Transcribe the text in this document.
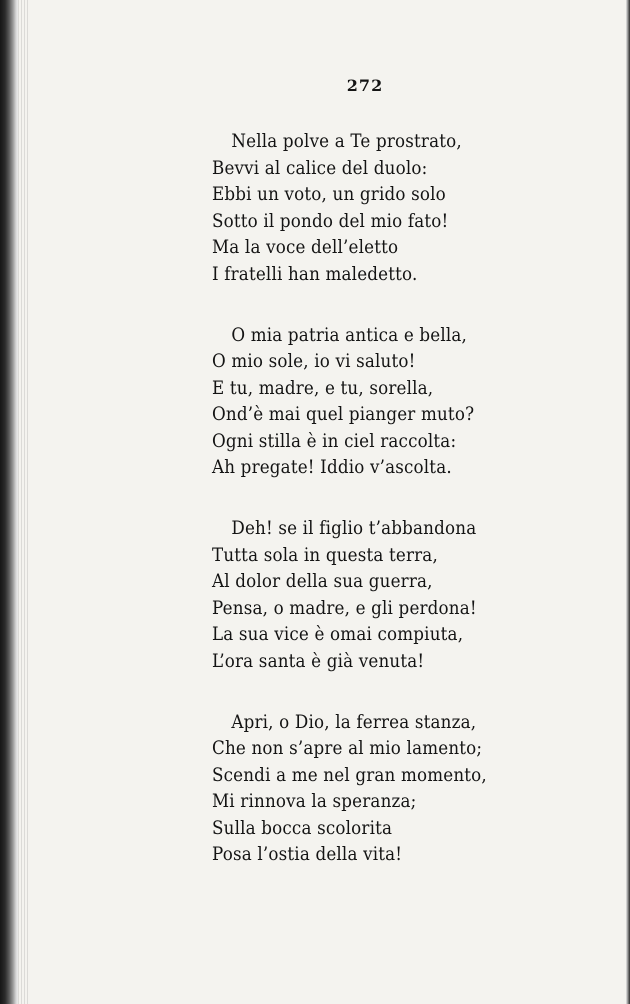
272
Nella polve a Te prostrato,
Bevvi al calice del duolo:
Ebbi un voto, un grido solo
Sotto il pondo del mio fato!
Ma la voce dell’eletto
I fratelli han maledetto.
O mia patria antica e bella,
O mio sole, io vi saluto!
E tu, madre, e tu, sorella,
Ond’è mai quel pianger muto?
Ogni stilla è in ciel raccolta:
Ah pregate! Iddio v’ascolta.
Deh! se il figlio t’abbandona
Tutta sola in questa terra,
Al dolor della sua guerra,
Pensa, o madre, e gli perdona!
La sua vice è omai compiuta,
L’ora santa è già venuta!
Apri, o Dio, la ferrea stanza,
Che non s’apre al mio lamento;
Scendi a me nel gran momento,
Mi rinnova la speranza;
Sulla bocca scolorita
Posa l’ostia della vita!
